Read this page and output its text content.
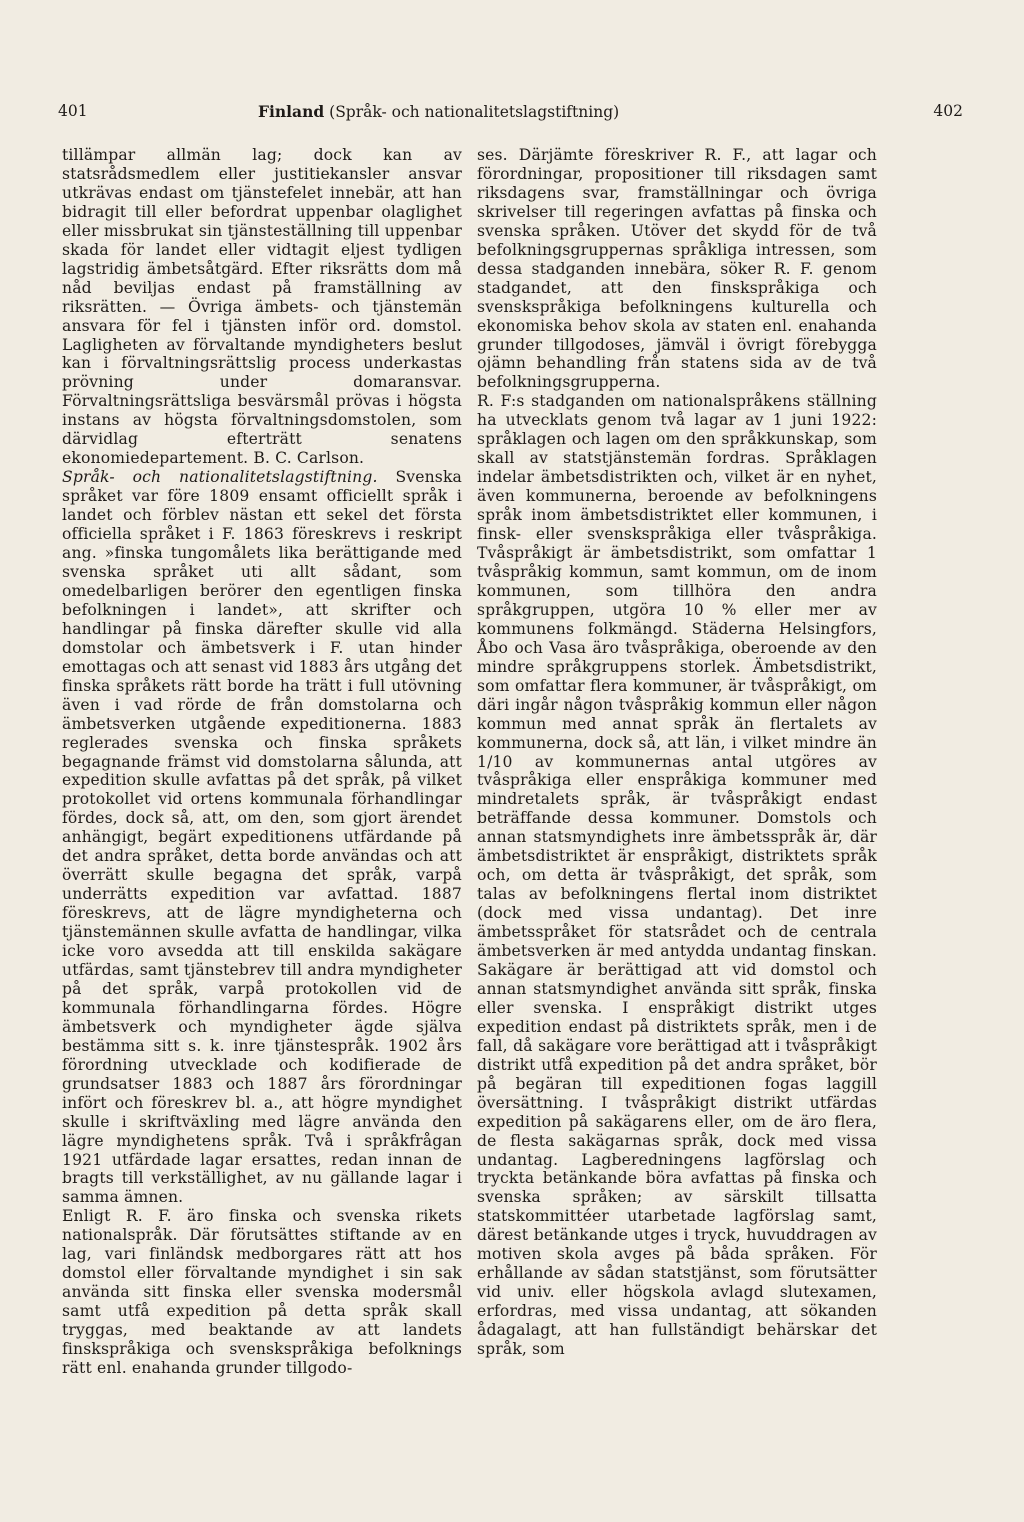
401	Finland (Språk- och nationalitetslagstiftning)	402

tillämpar allmän lag; dock kan av statsrådsmedlem eller justitiekansler ansvar utkrävas endast om tjänstefelet innebär, att han bidragit till eller befordrat uppenbar olaglighet eller missbrukat sin tjänsteställning till uppenbar skada för landet eller vidtagit eljest tydligen lagstridig ämbetsåtgärd. Efter riksrätts dom må nåd beviljas endast på framställning av riksrätten. — Övriga ämbets- och tjänstemän ansvara för fel i tjänsten inför ord. domstol. Lagligheten av förvaltande myndigheters beslut kan i förvaltningsrättslig process underkastas prövning under domaransvar. Förvaltningsrättsliga besvärsmål prövas i högsta instans av högsta förvaltningsdomstolen, som därvidlag efterträtt senatens ekonomiedepartement. B. C. Carlson.

Språk- och nationalitetslagstiftning. Svenska språket var före 1809 ensamt officiellt språk i landet och förblev nästan ett sekel det första officiella språket i F. 1863 föreskrevs i reskript ang. »finska tungomålets lika berättigande med svenska språket uti allt sådant, som omedelbarligen berörer den egentligen finska befolkningen i landet», att skrifter och handlingar på finska därefter skulle vid alla domstolar och ämbetsverk i F. utan hinder emottagas och att senast vid 1883 års utgång det finska språkets rätt borde ha trätt i full utövning även i vad rörde de från domstolarna och ämbetsverken utgående expeditionerna. 1883 reglerades svenska och finska språkets begagnande främst vid domstolarna sålunda, att expedition skulle avfattas på det språk, på vilket protokollet vid ortens kommunala förhandlingar fördes, dock så, att, om den, som gjort ärendet anhängigt, begärt expeditionens utfärdande på det andra språket, detta borde användas och att överrätt skulle begagna det språk, varpå underrätts expedition var avfattad. 1887 föreskrevs, att de lägre myndigheterna och tjänstemännen skulle avfatta de handlingar, vilka icke voro avsedda att till enskilda sakägare utfärdas, samt tjänstebrev till andra myndigheter på det språk, varpå protokollen vid de kommunala förhandlingarna fördes. Högre ämbetsverk och myndigheter ägde själva bestämma sitt s. k. inre tjänstespråk. 1902 års förordning utvecklade och kodifierade de grundsatser 1883 och 1887 års förordningar infört och föreskrev bl. a., att högre myndighet skulle i skriftväxling med lägre använda den lägre myndighetens språk. Två i språkfrågan 1921 utfärdade lagar ersattes, redan innan de bragts till verkställighet, av nu gällande lagar i samma ämnen.

Enligt R. F. äro finska och svenska rikets nationalspråk. Där förutsättes stiftande av en lag, vari finländsk medborgares rätt att hos domstol eller förvaltande myndighet i sin sak använda sitt finska eller svenska modersmål samt utfå expedition på detta språk skall tryggas, med beaktande av att landets finskspråkiga och svenskspråkiga befolknings rätt enl. enahanda grunder tillgodo-

ses. Därjämte föreskriver R. F., att lagar och förordningar, propositioner till riksdagen samt riksdagens svar, framställningar och övriga skrivelser till regeringen avfattas på finska och svenska språken. Utöver det skydd för de två befolkningsgruppernas språkliga intressen, som dessa stadganden innebära, söker R. F. genom stadgandet, att den finskspråkiga och svenskspråkiga befolkningens kulturella och ekonomiska behov skola av staten enl. enahanda grunder tillgodoses, jämväl i övrigt förebygga ojämn behandling från statens sida av de två befolkningsgrupperna.

R. F:s stadganden om nationalspråkens ställning ha utvecklats genom två lagar av 1 juni 1922: språklagen och lagen om den språkkunskap, som skall av statstjänstemän fordras. Språklagen indelar ämbetsdistrikten och, vilket är en nyhet, även kommunerna, beroende av befolkningens språk inom ämbetsdistriktet eller kommunen, i finsk- eller svenskspråkiga eller tvåspråkiga. Tvåspråkigt är ämbetsdistrikt, som omfattar 1 tvåspråkig kommun, samt kommun, om de inom kommunen, som tillhöra den andra språkgruppen, utgöra 10 % eller mer av kommunens folkmängd. Städerna Helsingfors, Åbo och Vasa äro tvåspråkiga, oberoende av den mindre språkgruppens storlek. Ämbetsdistrikt, som omfattar flera kommuner, är tvåspråkigt, om däri ingår någon tvåspråkig kommun eller någon kommun med annat språk än flertalets av kommunerna, dock så, att län, i vilket mindre än 1/10 av kommunernas antal utgöres av tvåspråkiga eller enspråkiga kommuner med mindretalets språk, är tvåspråkigt endast beträffande dessa kommuner. Domstols och annan statsmyndighets inre ämbetsspråk är, där ämbetsdistriktet är enspråkigt, distriktets språk och, om detta är tvåspråkigt, det språk, som talas av befolkningens flertal inom distriktet (dock med vissa undantag). Det inre ämbetsspråket för statsrådet och de centrala ämbetsverken är med antydda undantag finskan. Sakägare är berättigad att vid domstol och annan statsmyndighet använda sitt språk, finska eller svenska. I enspråkigt distrikt utges expedition endast på distriktets språk, men i de fall, då sakägare vore berättigad att i tvåspråkigt distrikt utfå expedition på det andra språket, bör på begäran till expeditionen fogas laggill översättning. I tvåspråkigt distrikt utfärdas expedition på sakägarens eller, om de äro flera, de flesta sakägarnas språk, dock med vissa undantag. Lagberedningens lagförslag och tryckta betänkande böra avfattas på finska och svenska språken; av särskilt tillsatta statskommittéer utarbetade lagförslag samt, därest betänkande utges i tryck, huvuddragen av motiven skola avges på båda språken. För erhållande av sådan statstjänst, som förutsätter vid univ. eller högskola avlagd slutexamen, erfordras, med vissa undantag, att sökanden ådagalagt, att han fullständigt behärskar det språk, som
